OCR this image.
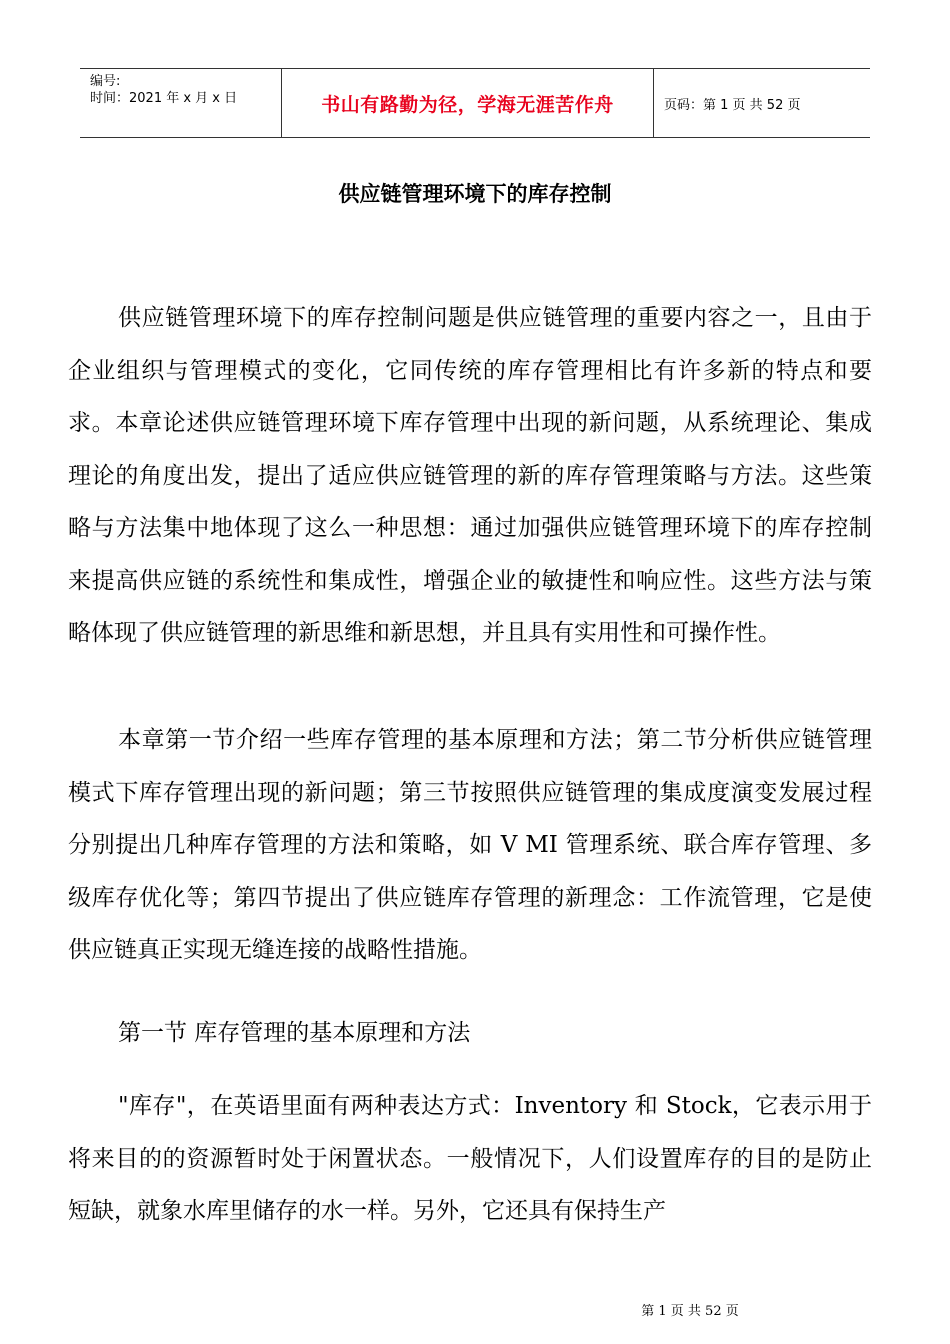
编号:
时间：2021 年 x 月 x 日	书山有路勤为径，学海无涯苦作舟	页码：第 1 页 共 52 页
供应链管理环境下的库存控制

供应链管理环境下的库存控制问题是供应链管理的重要内容之一，且由于企业组织与管理模式的变化，它同传统的库存管理相比有许多新的特点和要求。本章论述供应链管理环境下库存管理中出现的新问题，从系统理论、集成理论的角度出发，提出了适应供应链管理的新的库存管理策略与方法。这些策略与方法集中地体现了这么一种思想：通过加强供应链管理环境下的库存控制来提高供应链的系统性和集成性，增强企业的敏捷性和响应性。这些方法与策略体现了供应链管理的新思维和新思想，并且具有实用性和可操作性。

本章第一节介绍一些库存管理的基本原理和方法；第二节分析供应链管理模式下库存管理出现的新问题；第三节按照供应链管理的集成度演变发展过程分别提出几种库存管理的方法和策略，如 V MI 管理系统、联合库存管理、多级库存优化等；第四节提出了供应链库存管理的新理念：工作流管理，它是使供应链真正实现无缝连接的战略性措施。

第一节 库存管理的基本原理和方法

"库存"，在英语里面有两种表达方式：Inventory 和 Stock，它表示用于将来目的的资源暂时处于闲置状态。一般情况下，人们设置库存的目的是防止短缺，就象水库里储存的水一样。另外，它还具有保持生产

第 1 页 共 52 页
